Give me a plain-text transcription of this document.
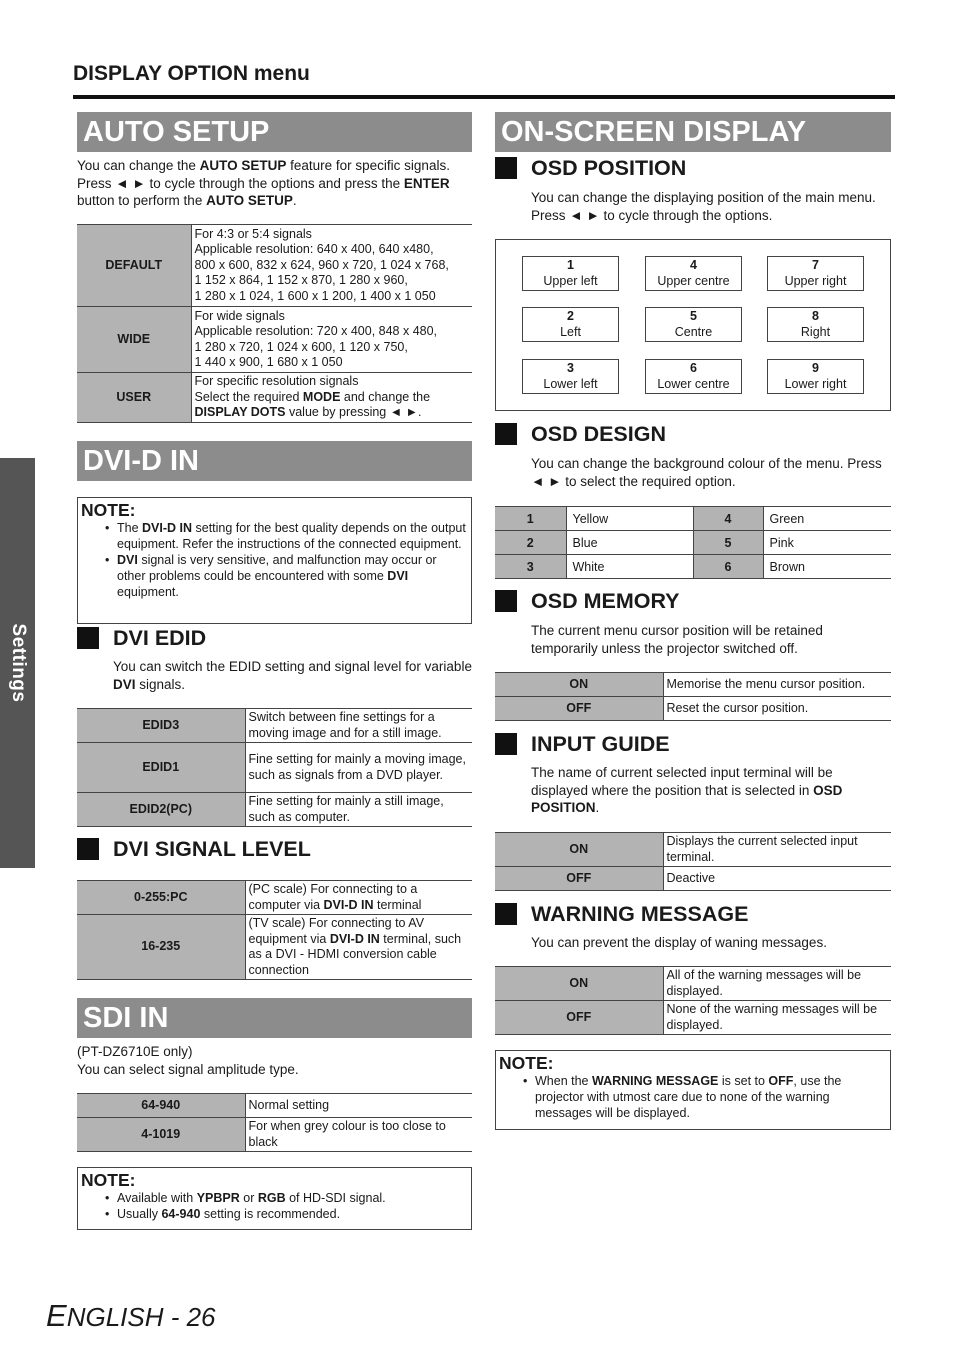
DISPLAY OPTION menu
Settings
AUTO SETUP

You can change the AUTO SETUP feature for specific signals. Press ◄ ► to cycle through the options and press the ENTER button to perform the AUTO SETUP.

DEFAULT	For 4:3 or 5:4 signals
Applicable resolution: 640 x 400, 640 x480,
800 x 600, 832 x 624, 960 x 720, 1 024 x 768,
1 152 x 864, 1 152 x 870, 1 280 x 960,
1 280 x 1 024, 1 600 x 1 200, 1 400 x 1 050

WIDE	For wide signals
Applicable resolution: 720 x 400, 848 x 480,
1 280 x 720, 1 024 x 600, 1 120 x 750,
1 440 x 900, 1 680 x 1 050

USER	For specific resolution signals
Select the required MODE and change the
DISPLAY DOTS value by pressing ◄ ►.
DVI-D IN
NOTE:
• The DVI-D IN setting for the best quality depends on the output equipment. Refer the instructions of the connected equipment.
• DVI signal is very sensitive, and malfunction may occur or other problems could be encountered with some DVI equipment.
DVI EDID

You can switch the EDID setting and signal level for variable DVI signals.

EDID3	Switch between fine settings for a moving image and for a still image.
EDID1	Fine setting for mainly a moving image, such as signals from a DVD player.
EDID2(PC)	Fine setting for mainly a still image, such as computer.
DVI SIGNAL LEVEL
0-255:PC	(PC scale) For connecting to a computer via DVI-D IN terminal
16-235	(TV scale) For connecting to AV equipment via DVI-D IN terminal, such as a DVI - HDMI conversion cable connection
SDI IN

(PT-DZ6710E only)
You can select signal amplitude type.

64-940	Normal setting
4-1019	For when grey colour is too close to black
NOTE:
• Available with YPBPR or RGB of HD-SDI signal.
• Usually 64-940 setting is recommended.
ON-SCREEN DISPLAY
OSD POSITION

You can change the displaying position of the main menu. Press ◄ ► to cycle through the options.

1
Upper left
4
Upper centre
7
Upper right
2
Left
5
Centre
8
Right
3
Lower left
6
Lower centre
9
Lower right
OSD DESIGN

You can change the background colour of the menu. Press ◄ ► to select the required option.

1	Yellow	4	Green
2	Blue	5	Pink
3	White	6	Brown
OSD MEMORY

The current menu cursor position will be retained temporarily unless the projector switched off.

ON	Memorise the menu cursor position.
OFF	Reset the cursor position.
INPUT GUIDE

The name of current selected input terminal will be displayed where the position that is selected in OSD POSITION.

ON	Displays the current selected input terminal.
OFF	Deactive
WARNING MESSAGE

You can prevent the display of waning messages.

ON	All of the warning messages will be displayed.
OFF	None of the warning messages will be displayed.
NOTE:
• When the WARNING MESSAGE is set to OFF, use the projector with utmost care due to none of the warning messages will be displayed.
ENGLISH - 26
